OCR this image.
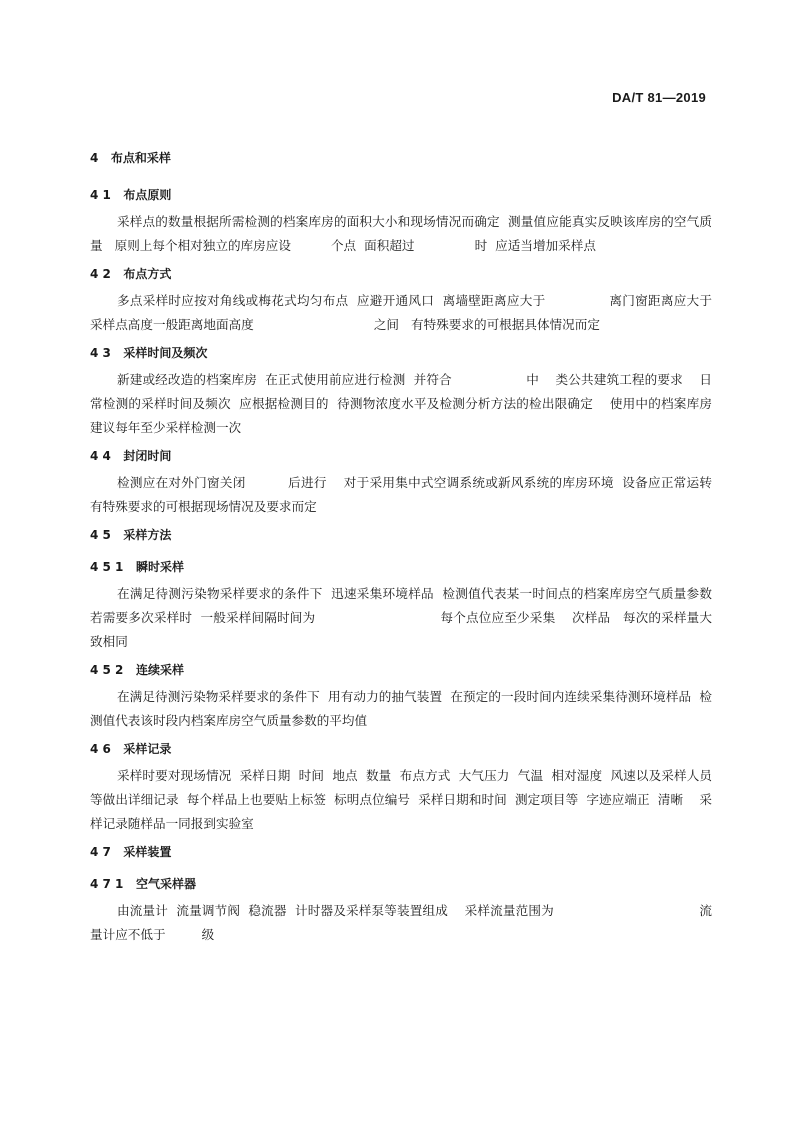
DA/T 81—2019

4   布点和采样

4 1   布点原则

采样点的数量根据所需检测的档案库房的面积大小和现场情况而确定  测量值应能真实反映该库房的空气质量   原则上每个相对独立的库房应设          个点  面积超过               时  应适当增加采样点

4 2   布点方式

多点采样时应按对角线或梅花式均匀布点  应避开通风口  离墙壁距离应大于               离门窗距离应大于                采样点高度一般距离地面高度                              之间   有特殊要求的可根据具体情况而定

4 3   采样时间及频次

新建或经改造的档案库房  在正式使用前应进行检测  并符合                  中    类公共建筑工程的要求    日常检测的采样时间及频次  应根据检测目的  待测物浓度水平及检测分析方法的检出限确定    使用中的档案库房建议每年至少采样检测一次

4 4   封闭时间

检测应在对外门窗关闭          后进行    对于采用集中式空调系统或新风系统的库房环境  设备应正常运转    有特殊要求的可根据现场情况及要求而定

4 5   采样方法

4 5 1   瞬时采样

在满足待测污染物采样要求的条件下  迅速采集环境样品  检测值代表某一时间点的档案库房空气质量参数    若需要多次采样时  一般采样间隔时间为                              每个点位应至少采集    次样品   每次的采样量大致相同

4 5 2   连续采样

在满足待测污染物采样要求的条件下  用有动力的抽气装置  在预定的一段时间内连续采集待测环境样品  检测值代表该时段内档案库房空气质量参数的平均值

4 6   采样记录

采样时要对现场情况  采样日期  时间  地点  数量  布点方式  大气压力  气温  相对湿度  风速以及采样人员等做出详细记录  每个样品上也要贴上标签  标明点位编号  采样日期和时间  测定项目等  字迹应端正  清晰    采样记录随样品一同报到实验室

4 7   采样装置

4 7 1   空气采样器

由流量计  流量调节阀  稳流器  计时器及采样泵等装置组成    采样流量范围为                                   流量计应不低于         级
